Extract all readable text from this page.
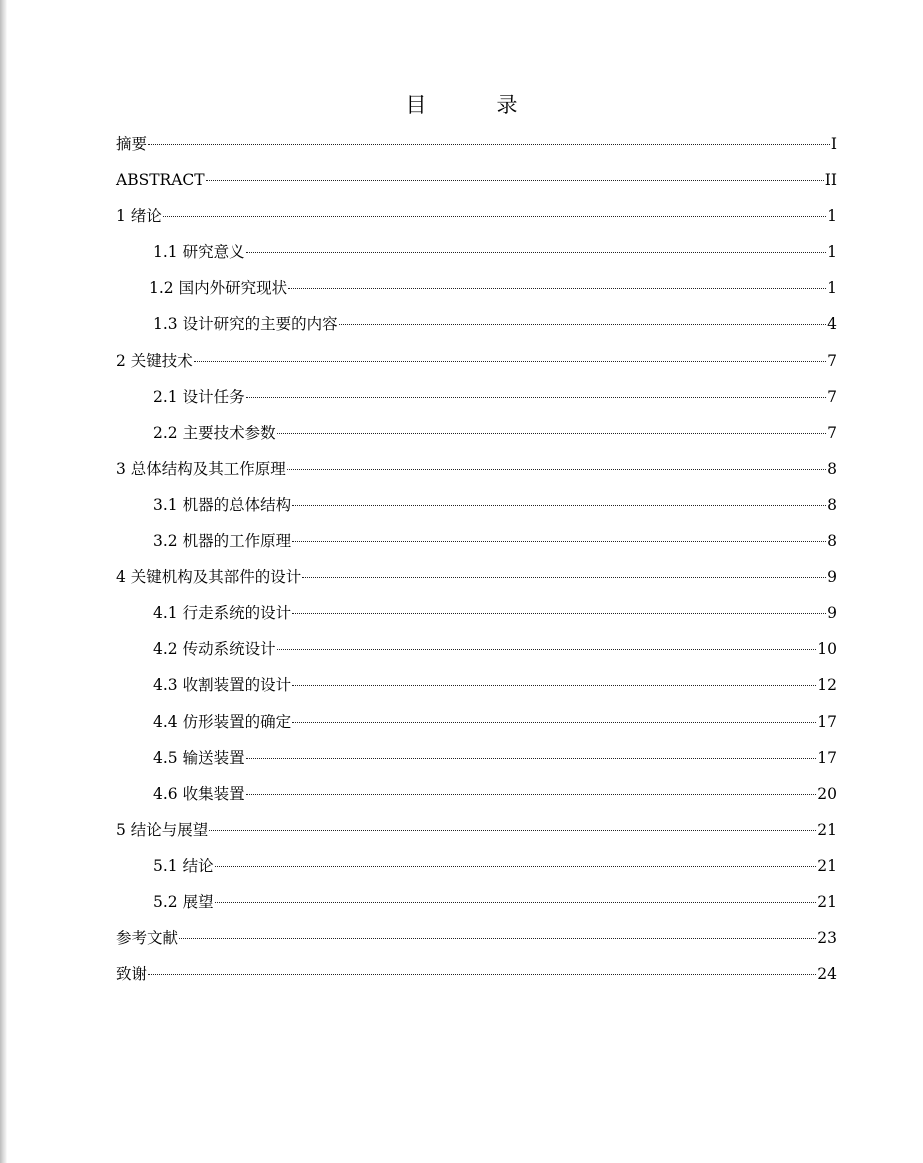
目	录
摘要	I
ABSTRACT	II
1 绪论	1
1.1 研究意义	1
1.2 国内外研究现状	1
1.3 设计研究的主要的内容	4
2 关键技术	7
2.1 设计任务	7
2.2 主要技术参数	7
3 总体结构及其工作原理	8
3.1 机器的总体结构	8
3.2 机器的工作原理	8
4 关键机构及其部件的设计	9
4.1 行走系统的设计	9
4.2 传动系统设计	10
4.3 收割装置的设计	12
4.4 仿形装置的确定	17
4.5 输送装置	17
4.6 收集装置	20
5 结论与展望	21
5.1 结论	21
5.2 展望	21
参考文献	23
致谢	24
